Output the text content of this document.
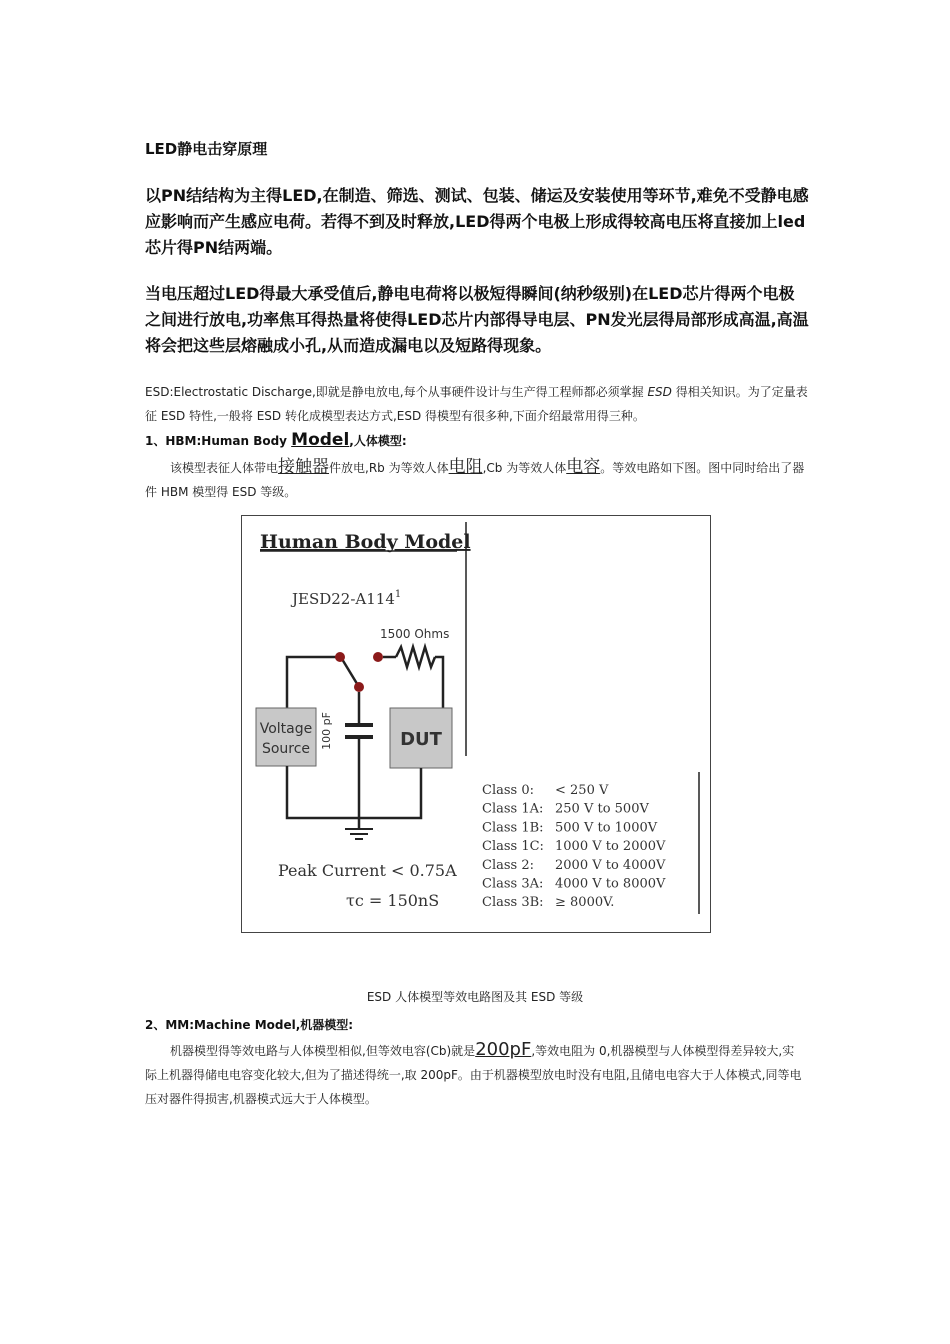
LED静电击穿原理
以PN结结构为主得LED,在制造、筛选、测试、包装、储运及安装使用等环节,难免不受静电感应影响而产生感应电荷。若得不到及时释放,LED得两个电极上形成得较高电压将直接加上led芯片得PN结两端。
当电压超过LED得最大承受值后,静电电荷将以极短得瞬间(纳秒级别)在LED芯片得两个电极之间进行放电,功率焦耳得热量将使得LED芯片内部得导电层、PN发光层得局部形成高温,高温将会把这些层熔融成小孔,从而造成漏电以及短路得现象。
ESD:Electrostatic Discharge,即就是静电放电,每个从事硬件设计与生产得工程师都必须掌握 ESD 得相关知识。为了定量表征 ESD 特性,一般将 ESD 转化成模型表达方式,ESD 得模型有很多种,下面介绍最常用得三种。
1、HBM:Human Body Model,人体模型:
该模型表征人体带电接触器件放电,Rb 为等效人体电阻,Cb 为等效人体电容。等效电路如下图。图中同时给出了器件 HBM 模型得 ESD 等级。
Human Body Model
$JESD22-A114^1$
1500 Ohms
100 pF
Voltage
Source	DUT
Peak Current < 0.75A
τc = 150nS
Class 0: < 250 V
Class 1A: 250 V to 500V
Class 1B: 500 V to 1000V
Class 1C: 1000 V to 2000V
Class 2: 2000 V to 4000V
Class 3A: 4000 V to 8000V
Class 3B: ≥ 8000V.
ESD 人体模型等效电路图及其 ESD 等级
2、MM:Machine Model,机器模型:
机器模型得等效电路与人体模型相似,但等效电容(Cb)就是200pF,等效电阻为 0,机器模型与人体模型得差异较大,实际上机器得储电电容变化较大,但为了描述得统一,取 200pF。由于机器模型放电时没有电阻,且储电电容大于人体模式,同等电压对器件得损害,机器模式远大于人体模型。
